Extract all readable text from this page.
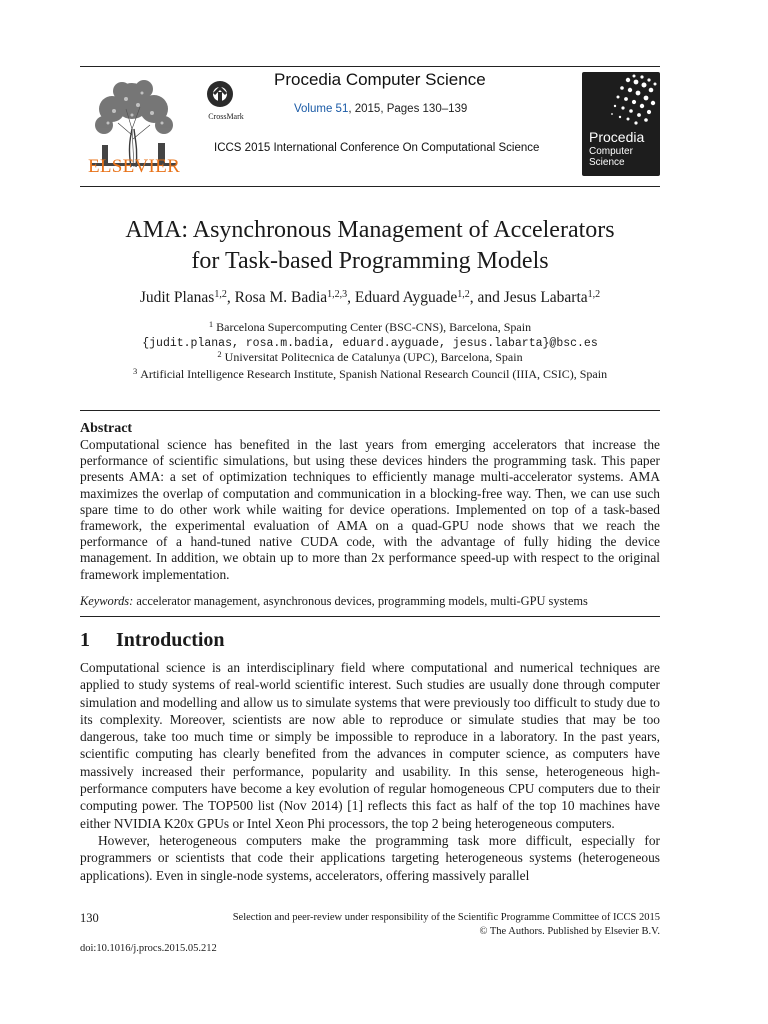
ELSEVIER
CrossMark
Procedia Computer Science
Volume 51, 2015, Pages 130–139
ICCS 2015 International Conference On Computational Science
Procedia
Computer
Science
AMA: Asynchronous Management of Accelerators
for Task-based Programming Models
Judit Planas$^{1,2}$, Rosa M. Badia$^{1,2,3}$, Eduard Ayguade$^{1,2}$, and Jesus Labarta$^{1,2}$
$^1$ Barcelona Supercomputing Center (BSC-CNS), Barcelona, Spain
{judit.planas, rosa.m.badia, eduard.ayguade, jesus.labarta}@bsc.es
$^2$ Universitat Politecnica de Catalunya (UPC), Barcelona, Spain
$^3$ Artificial Intelligence Research Institute, Spanish National Research Council (IIIA, CSIC), Spain
Abstract
Computational science has benefited in the last years from emerging accelerators that increase the performance of scientific simulations, but using these devices hinders the programming task. This paper presents AMA: a set of optimization techniques to efficiently manage multi-accelerator systems. AMA maximizes the overlap of computation and communication in a blocking-free way. Then, we can use such spare time to do other work while waiting for device operations. Implemented on top of a task-based framework, the experimental evaluation of AMA on a quad-GPU node shows that we reach the performance of a hand-tuned native CUDA code, with the advantage of fully hiding the device management. In addition, we obtain up to more than 2x performance speed-up with respect to the original framework implementation.
Keywords: accelerator management, asynchronous devices, programming models, multi-GPU systems
1 Introduction

Computational science is an interdisciplinary field where computational and numerical techniques are applied to study systems of real-world scientific interest. Such studies are usually done through computer simulation and modelling and allow us to simulate systems that were previously too difficult to study due to its complexity. Moreover, scientists are now able to reproduce or simulate studies that may be too dangerous, take too much time or simply be impossible to reproduce in a laboratory. In the past years, scientific computing has clearly benefited from the advances in computer science, as computers have massively increased their performance, popularity and usability. In this sense, heterogeneous high-performance computers have become a key evolution of regular homogeneous CPU computers due to their computing power. The TOP500 list (Nov 2014) [1] reflects this fact as half of the top 10 machines have either NVIDIA K20x GPUs or Intel Xeon Phi processors, the top 2 being heterogeneous computers.

However, heterogeneous computers make the programming task more difficult, especially for programmers or scientists that code their applications targeting heterogeneous systems (heterogeneous applications). Even in single-node systems, accelerators, offering massively parallel

130	Selection and peer-review under responsibility of the Scientific Programme Committee of ICCS 2015
© The Authors. Published by Elsevier B.V.
doi:10.1016/j.procs.2015.05.212
